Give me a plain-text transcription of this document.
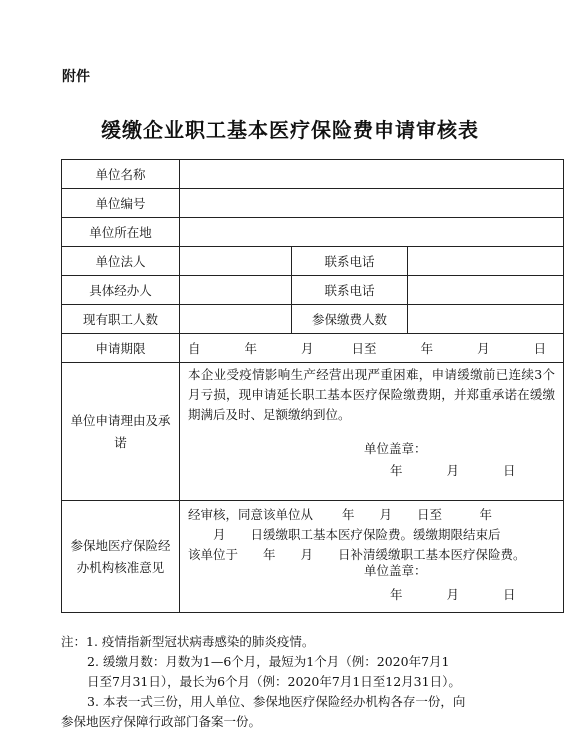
附件
缓缴企业职工基本医疗保险费申请审核表
单位名称			
单位编号			
单位所在地			
单位法人		联系电话	
具体经办人		联系电话	
现有职工人数		参保缴费人数	
申请期限	自 年 月 日至 年 月 日		
单位申请理由及承诺	本企业受疫情影响生产经营出现严重困难，申请缓缴前已连续3个月亏损，现申请延长职工基本医疗保险缴费期，并郑重承诺在缓缴期满后及时、足额缴纳到位。
单位盖章：
年 月 日		

参保地医疗保险经办机构核准意见	经审核，同意该单位从 　　年　　月　　日至　　　年
　　月　　日缓缴职工基本医疗保险费。缓缴期限结束后
该单位于　　年　　月　　日补清缓缴职工基本医疗保险费。
单位盖章：
年 月 日		

注：1. 疫情指新型冠状病毒感染的肺炎疫情。

2. 缓缴月数：月数为1—6个月，最短为1个月（例：2020年7月1

日至7月31日），最长为6个月（例：2020年7月1日至12月31日）。

3. 本表一式三份，用人单位、参保地医疗保险经办机构各存一份，向

参保地医疗保障行政部门备案一份。
